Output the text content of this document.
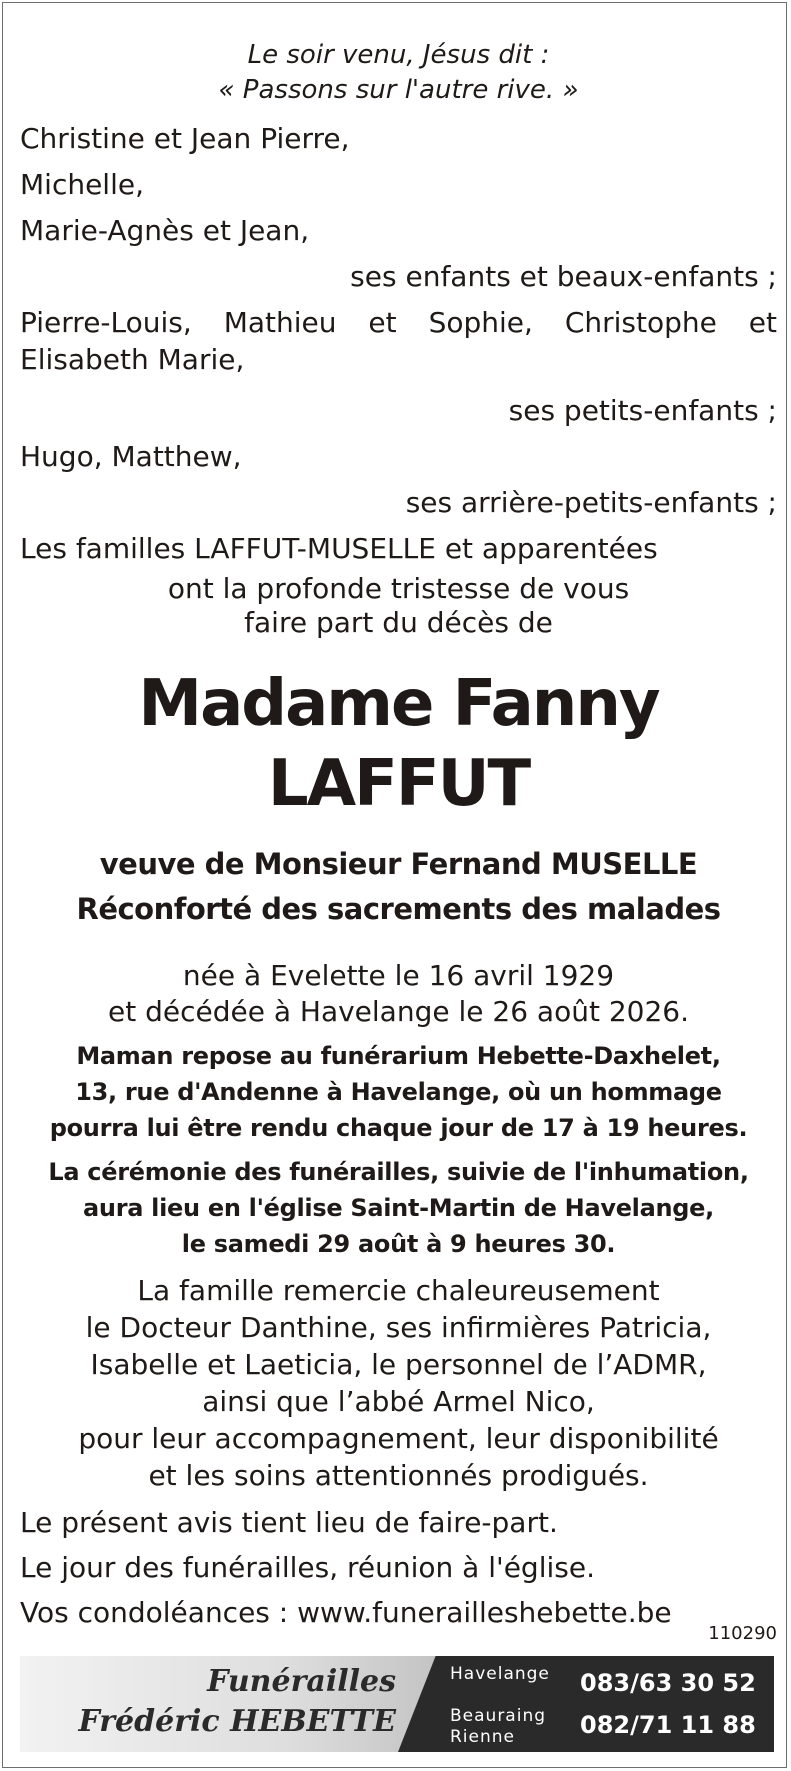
Le soir venu, Jésus dit :
« Passons sur l'autre rive. »
Christine et Jean Pierre,
Michelle,
Marie-Agnès et Jean,
ses enfants et beaux-enfants ;
Pierre-Louis, Mathieu et Sophie, Christophe et Elisabeth Marie,
ses petits-enfants ;
Hugo, Matthew,
ses arrière-petits-enfants ;
Les familles LAFFUT-MUSELLE et apparentées
ont la profonde tristesse de vous
faire part du décès de
Madame Fanny LAFFUT
veuve de Monsieur Fernand MUSELLE
Réconforté des sacrements des malades
née à Evelette le 16 avril 1929
et décédée à Havelange le 26 août 2026.
Maman repose au funérarium Hebette-Daxhelet,
13, rue d'Andenne à Havelange, où un hommage
pourra lui être rendu chaque jour de 17 à 19 heures.
La cérémonie des funérailles, suivie de l'inhumation,
aura lieu en l'église Saint-Martin de Havelange,
le samedi 29 août à 9 heures 30.
La famille remercie chaleureusement
le Docteur Danthine, ses infirmières Patricia,
Isabelle et Laeticia, le personnel de l’ADMR,
ainsi que l’abbé Armel Nico,
pour leur accompagnement, leur disponibilité
et les soins attentionnés prodigués.
Le présent avis tient lieu de faire-part.
Le jour des funérailles, réunion à l'église.
Vos condoléances : www.funerailleshebette.be
110290
Funérailles
Frédéric HEBETTE
Havelange
Beauraing
Rienne
083/63 30 52
082/71 11 88
